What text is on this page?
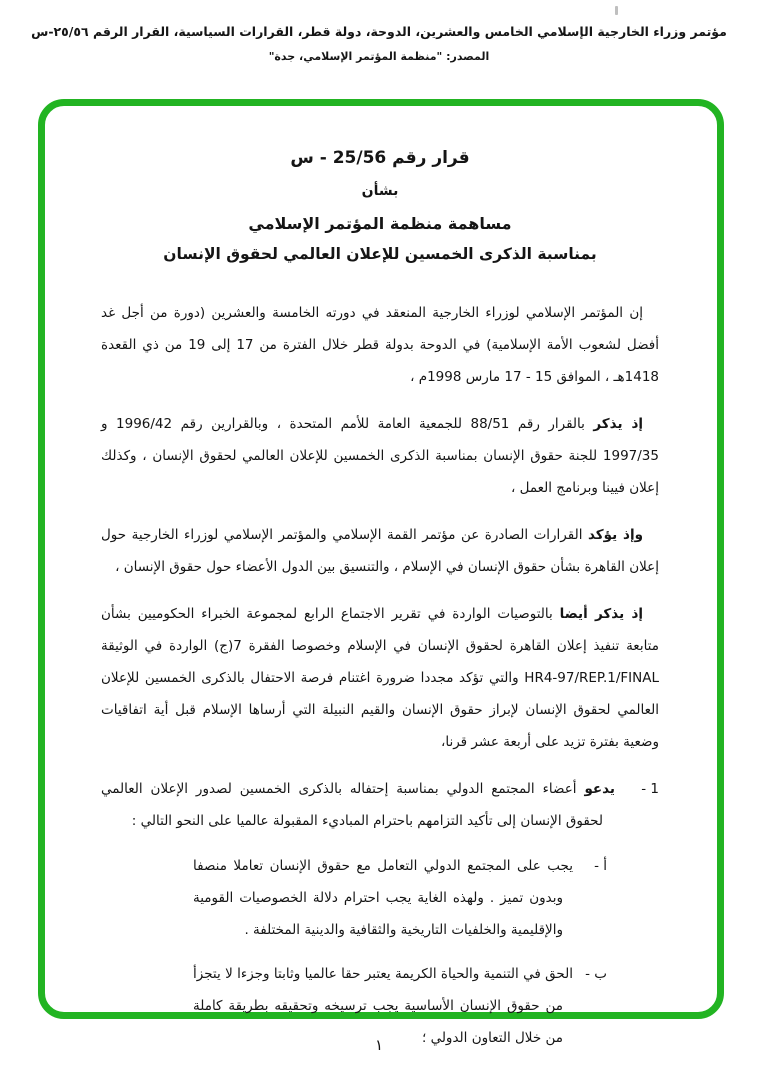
مؤتمر وزراء الخارجية الإسلامي الخامس والعشرين، الدوحة، دولة قطر، القرارات السياسية، القرار الرقم ٢٥/٥٦-س
المصدر: "منظمة المؤتمر الإسلامي، جدة"
قرار رقم 25/56 - س
بشأن
مساهمة منظمة المؤتمر الإسلامي
بمناسبة الذكرى الخمسين للإعلان العالمي لحقوق الإنسان

إن المؤتمر الإسلامي لوزراء الخارجية المنعقد في دورته الخامسة والعشرين (دورة من أجل غد أفضل لشعوب الأمة الإسلامية) في الدوحة بدولة قطر خلال الفترة من 17 إلى 19 من ذي القعدة 1418هـ ، الموافق 15 - 17 مارس 1998م ،

إذ يذكر بالقرار رقم 88/51 للجمعية العامة للأمم المتحدة ، وبالقرارين رقم 1996/42 و 1997/35 للجنة حقوق الإنسان بمناسبة الذكرى الخمسين للإعلان العالمي لحقوق الإنسان ، وكذلك إعلان فيينا وبرنامج العمل ،

وإذ يؤكد القرارات الصادرة عن مؤتمر القمة الإسلامي والمؤتمر الإسلامي لوزراء الخارجية حول إعلان القاهرة بشأن حقوق الإنسان في الإسلام ، والتنسيق بين الدول الأعضاء حول حقوق الإنسان ،

إذ يذكر أيضا بالتوصيات الواردة في تقرير الاجتماع الرابع لمجموعة الخبراء الحكوميين بشأن متابعة تنفيذ إعلان القاهرة لحقوق الإنسان في الإسلام وخصوصا الفقرة 7(ج) الواردة في الوثيقة HR4-97/REP.1/FINAL والتي تؤكد مجددا ضرورة اغتنام فرصة الاحتفال بالذكرى الخمسين للإعلان العالمي لحقوق الإنسان لإبراز حقوق الإنسان والقيم النبيلة التي أرساها الإسلام قبل أية اتفاقيات وضعية بفترة تزيد على أربعة عشر قرنا،

1 -يدعو أعضاء المجتمع الدولي بمناسبة إحتفاله بالذكرى الخمسين لصدور الإعلان العالمي لحقوق الإنسان إلى تأكيد التزامهم باحترام المباديء المقبولة عالميا على النحو التالي :
أ -يجب على المجتمع الدولي التعامل مع حقوق الإنسان تعاملا منصفا وبدون تميز . ولهذه الغاية يجب احترام دلالة الخصوصيات القومية والإقليمية والخلفيات التاريخية والثقافية والدينية المختلفة .
ب -الحق في التنمية والحياة الكريمة يعتبر حقا عالميا وثابتا وجزءا لا يتجزأ من حقوق الإنسان الأساسية يجب ترسيخه وتحقيقه بطريقة كاملة من خلال التعاون الدولي ؛
١
